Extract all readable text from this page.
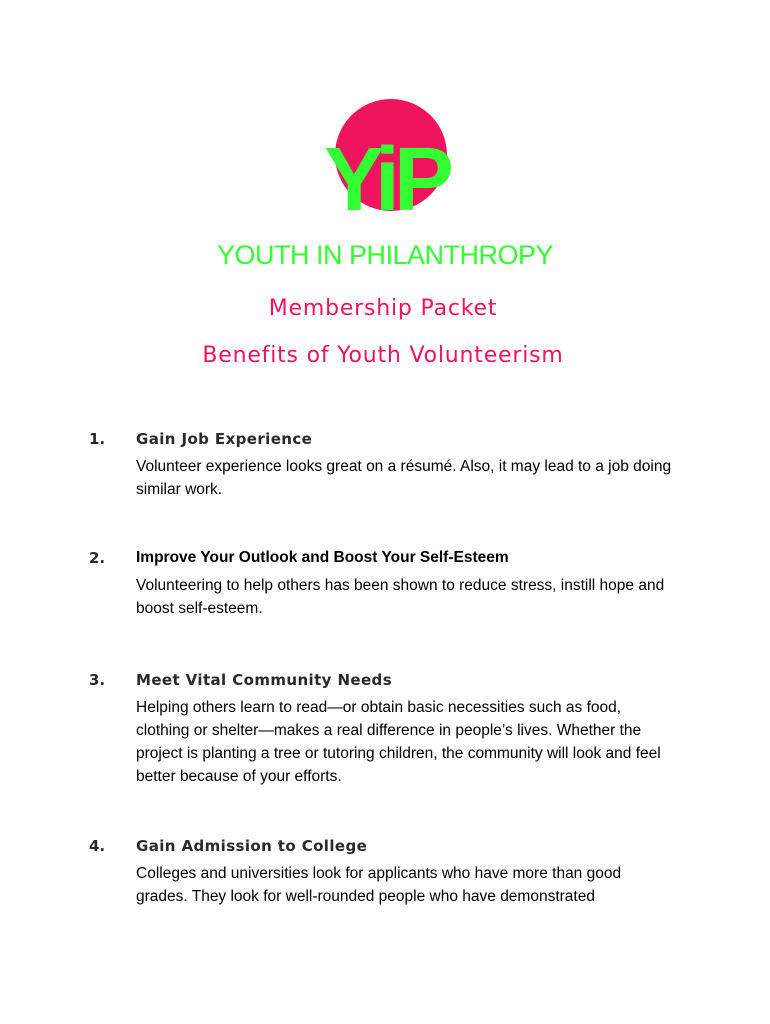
YiP
YOUTH IN PHILANTHROPY
Membership Packet
Benefits of Youth Volunteerism
1. Gain Job Experience
Volunteer experience looks great on a résumé. Also, it may lead to a job doing similar work.
2. Improve Your Outlook and Boost Your Self-Esteem
Volunteering to help others has been shown to reduce stress, instill hope and boost self-esteem.
3. Meet Vital Community Needs
Helping others learn to read—or obtain basic necessities such as food, clothing or shelter—makes a real difference in people’s lives. Whether the project is planting a tree or tutoring children, the community will look and feel better because of your efforts.
4. Gain Admission to College
Colleges and universities look for applicants who have more than good grades. They look for well-rounded people who have demonstrated
